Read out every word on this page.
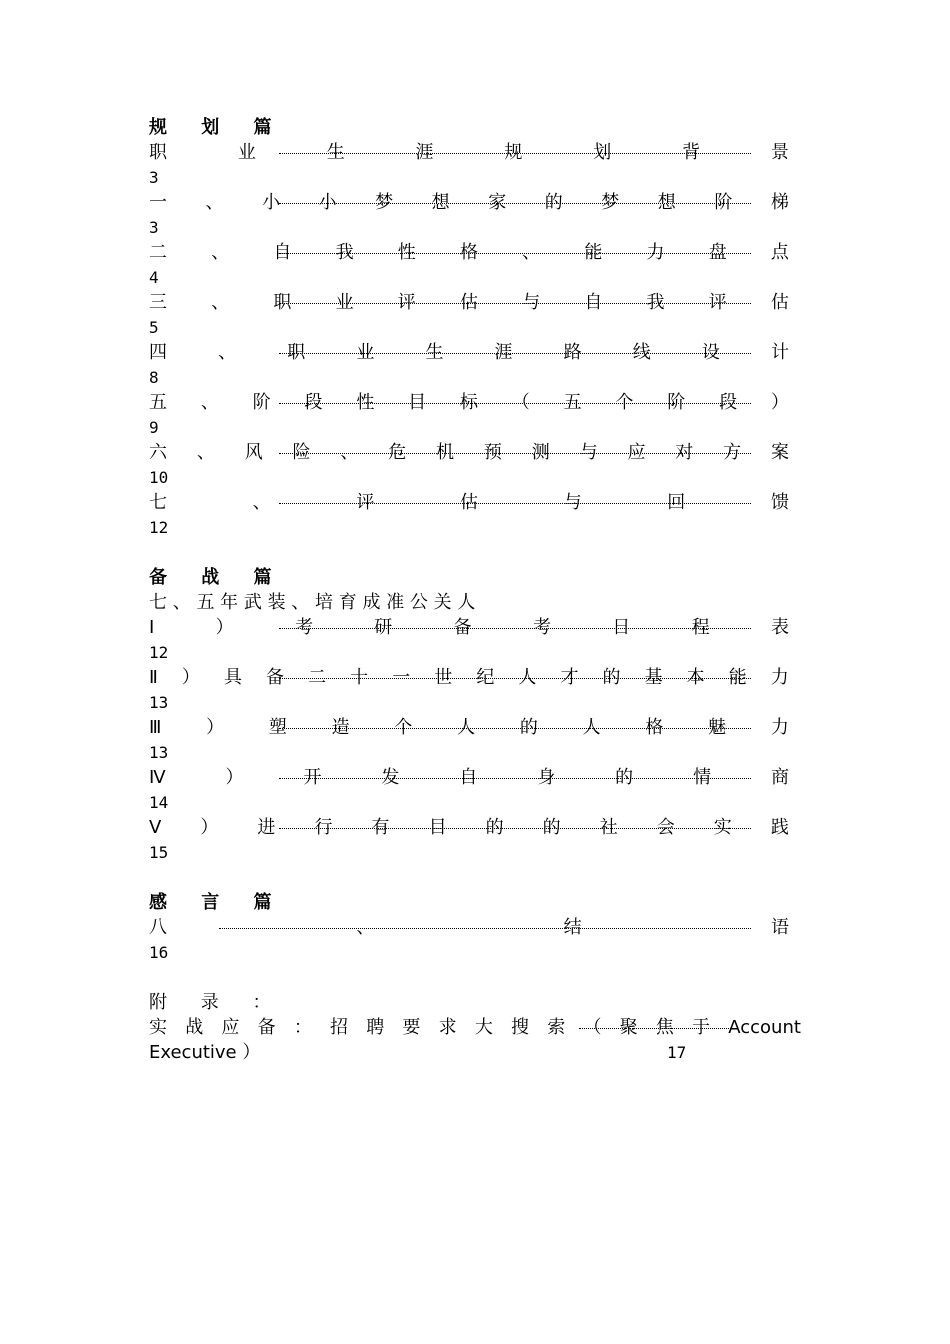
规 划 篇
职	业	生	涯	规	划	背	景
3
一 、 小 小 梦 想 家 的 梦 想 阶 梯
3
二 、 自 我 性 格 、 能 力 盘 点
4
三 、 职 业 评 估 与 自 我 评 估
5
四	、	职	业	生	涯	路	线	设	计
8
五 、 阶 段 性 目 标 （ 五 个 阶 段 ）
9
六 、 风 险 、 危 机 预 测 与 应 对 方 案
10
七	、	评	估	与	回	馈
12
备 战 篇
七 、 五 年 武 装 、 培 育 成 准 公 关 人
Ⅰ	）	考	研	备	考	日	程	表
12
Ⅱ ） 具 备 二 十 一 世 纪 人 才 的 基 本 能 力
13
Ⅲ ） 塑 造 个 人 的 人 格 魅 力
13
Ⅳ	）	开	发	自	身	的	情	商
14
Ⅴ ） 进 行 有 目 的 的 社 会 实 践
15
感 言 篇
八	、	结	语
16
附 录 ：
实 战 应 备 ： 招 聘 要 求 大 搜 索 （ 聚 焦 于 Account
Executive ）	17
